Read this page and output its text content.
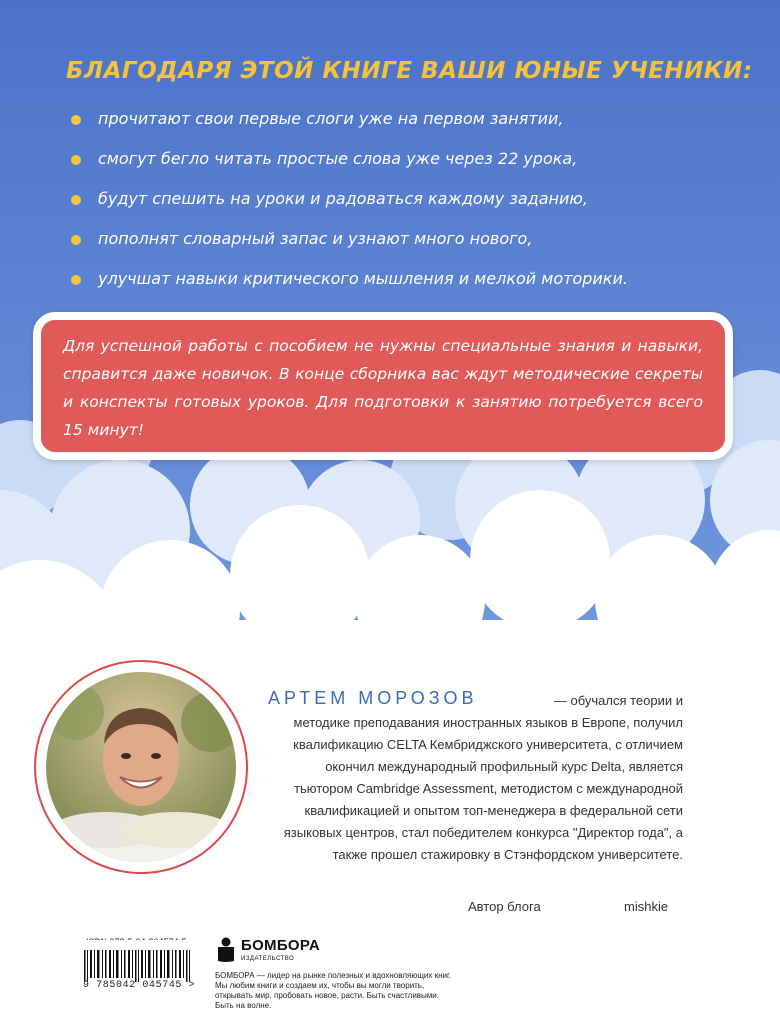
БЛАГОДАРЯ ЭТОЙ КНИГЕ ВАШИ ЮНЫЕ УЧЕНИКИ:
прочитают свои первые слоги уже на первом занятии,
смогут бегло читать простые слова уже через 22 урока,
будут спешить на уроки и радоваться каждому заданию,
пополнят словарный запас и узнают много нового,
улучшат навыки критического мышления и мелкой моторики.

Для успешной работы с пособием не нужны специальные знания и навыки, справится даже новичок. В конце сборника вас ждут методические секреты и конспекты готовых уроков. Для подготовки к занятию потребуется всего 15 минут!

— обучался теории и методике преподавания иностранных языков в Европе, получил квалификацию CELTA Кембриджского университета, с отличием окончил международный профильный курс Delta, является тьютором Cambridge Assessment, методистом с международной квалификацией и опытом топ-менеджера в федеральной сети языковых центров, стал победителем конкурса "Директор года", а также прошел стажировку в Стэнфордском университете.

АРТЕМ МОРОЗОВ
Автор блога	mishkie
9 785042 045745 >
БОМБОРА
ИЗДАТЕЛЬСТВО

БОМБОРА — лидер на рынке полезных и вдохновляющих книг. Мы любим книги и создаем их, чтобы вы могли творить, открывать мир, пробовать новое, расти. Быть счастливыми. Быть на волне.
